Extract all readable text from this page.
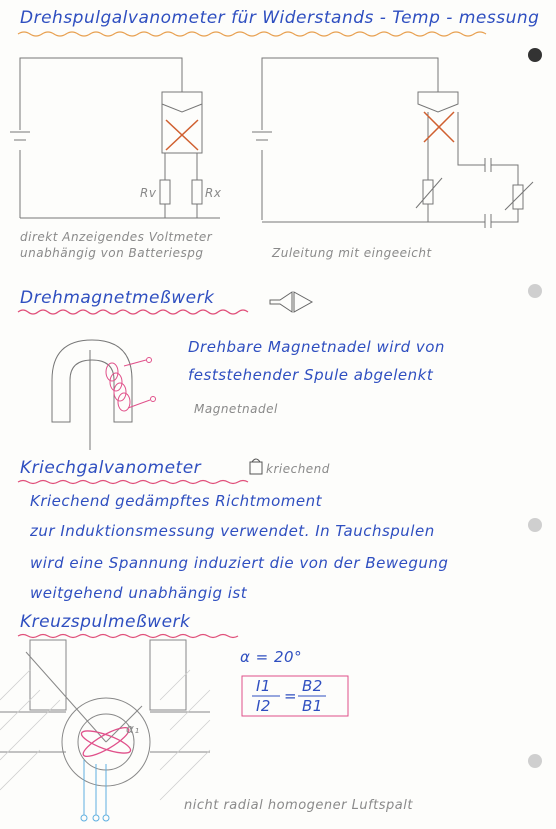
Drehspulgalvanometer für Widerstands - Temp - messung
Rv	Rx
direkt Anzeigendes Voltmeter
unabhängig von Batteriespg	Zuleitung mit eingeeicht
Drehmagnetmeßwerk
Drehbare Magnetnadel wird von
feststehender Spule abgelenkt
Magnetnadel
Kriechgalvanometer	kriechend
Kriechend gedämpftes Richtmoment
zur Induktionsmessung verwendet. In Tauchspulen
wird eine Spannung induziert die von der Bewegung
weitgehend unabhängig ist
Kreuzspulmeßwerk
α = 20°
α₁
I1
I2
=
B2
B1
nicht radial homogener Luftspalt
